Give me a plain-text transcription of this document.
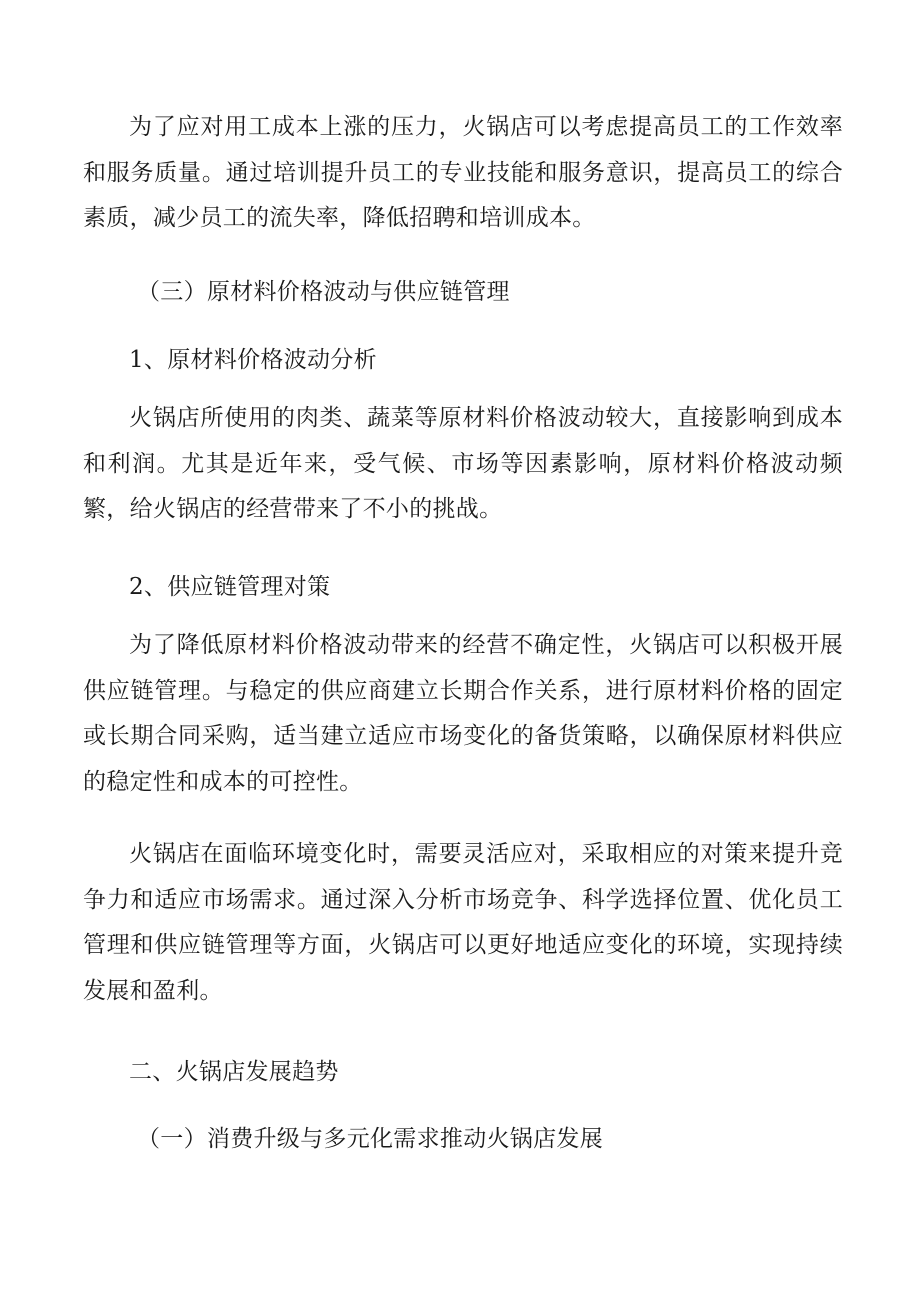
为了应对用工成本上涨的压力，火锅店可以考虑提高员工的工作效率和服务质量。通过培训提升员工的专业技能和服务意识，提高员工的综合素质，减少员工的流失率，降低招聘和培训成本。

（三）原材料价格波动与供应链管理
1、原材料价格波动分析

火锅店所使用的肉类、蔬菜等原材料价格波动较大，直接影响到成本和利润。尤其是近年来，受气候、市场等因素影响，原材料价格波动频繁，给火锅店的经营带来了不小的挑战。

2、供应链管理对策

为了降低原材料价格波动带来的经营不确定性，火锅店可以积极开展供应链管理。与稳定的供应商建立长期合作关系，进行原材料价格的固定或长期合同采购，适当建立适应市场变化的备货策略，以确保原材料供应的稳定性和成本的可控性。

火锅店在面临环境变化时，需要灵活应对，采取相应的对策来提升竞争力和适应市场需求。通过深入分析市场竞争、科学选择位置、优化员工管理和供应链管理等方面，火锅店可以更好地适应变化的环境，实现持续发展和盈利。

二、火锅店发展趋势
（一）消费升级与多元化需求推动火锅店发展
